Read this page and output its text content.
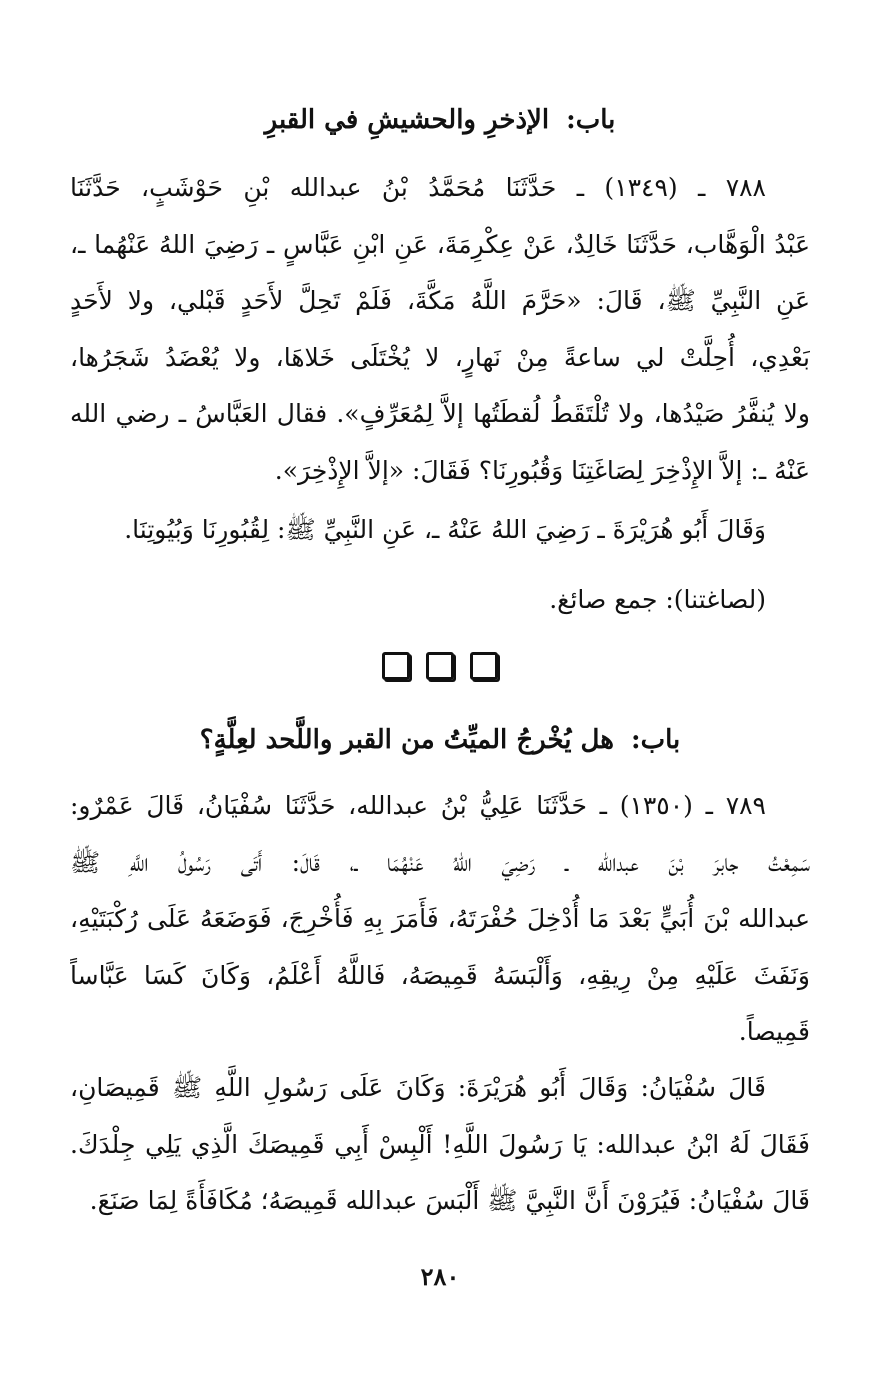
باب: الإذخرِ والحشيشِ في القبرِ

٧٨٨ ـ (١٣٤٩) ـ حَدَّثَنَا مُحَمَّدُ بْنُ عبدالله بْنِ حَوْشَبٍ، حَدَّثَنَا

عَبْدُ الْوَهَّاب، حَدَّثَنَا خَالِدٌ، عَنْ عِكْرِمَةَ، عَنِ ابْنِ عَبَّاسٍ ـ رَضِيَ اللهُ عَنْهُما ـ،

عَنِ النَّبِيِّ ﷺ، قَالَ: «حَرَّمَ اللَّهُ مَكَّةَ، فَلَمْ تَحِلَّ لأَحَدٍ قَبْلي، ولا لأَحَدٍ

بَعْدِي، أُحِلَّتْ لي ساعةً مِنْ نَهارٍ، لا يُخْتَلَى خَلاهَا، ولا يُعْضَدُ شَجَرُها،

ولا يُنفَّرُ صَيْدُها، ولا تُلْتَقَطُ لُقطَتُها إلاَّ لِمُعَرِّفٍ». فقال العَبَّاسُ ـ رضي الله

عَنْهُ ـ: إلاَّ الإِذْخِرَ لِصَاغَتِنَا وَقُبُورِنَا؟ فَقَالَ: «إلاَّ الإِذْخِرَ».

وَقَالَ أَبُو هُرَيْرَةَ ـ رَضِيَ اللهُ عَنْهُ ـ، عَنِ النَّبِيِّ ﷺ: لِقُبُورِنَا وَبُيُوتِنَا.

(لصاغتنا): جمع صائغ.
باب: هل يُخْرجُ الميِّتُ من القبر واللَّحد لعِلَّةٍ؟

٧٨٩ ـ (١٣٥٠) ـ حَدَّثَنَا عَلِيُّ بْنُ عبدالله، حَدَّثَنَا سُفْيَانُ، قَالَ عَمْرٌو:

سَمِعْتُ جابرَ بْنَ عبدالله ـ رَضِيَ اللهُ عَنْهُمَا ـ، قَالَ: أَتَى رَسُولُ اللَّهِ ﷺ

عبدالله بْنَ أُبَيٍّ بَعْدَ مَا أُدْخِلَ حُفْرَتَهُ، فَأَمَرَ بِهِ فَأُخْرِجَ، فَوَضَعَهُ عَلَى رُكْبَتَيْهِ،

وَنَفَثَ عَلَيْهِ مِنْ رِيقِهِ، وَأَلْبَسَهُ قَمِيصَهُ، فَاللَّهُ أَعْلَمُ، وَكَانَ كَسَا عَبَّاساً

قَمِيصاً.

قَالَ سُفْيَانُ: وَقَالَ أَبُو هُرَيْرَةَ: وَكَانَ عَلَى رَسُولِ اللَّهِ ﷺ قَمِيصَانِ،

فَقَالَ لَهُ ابْنُ عبدالله: يَا رَسُولَ اللَّهِ! أَلْبِسْ أَبِي قَمِيصَكَ الَّذِي يَلِي جِلْدَكَ.

قَالَ سُفْيَانُ: فَيُرَوْنَ أَنَّ النَّبِيَّ ﷺ أَلْبَسَ عبدالله قَمِيصَهُ؛ مُكَافَأَةً لِمَا صَنَعَ.

٢٨٠
